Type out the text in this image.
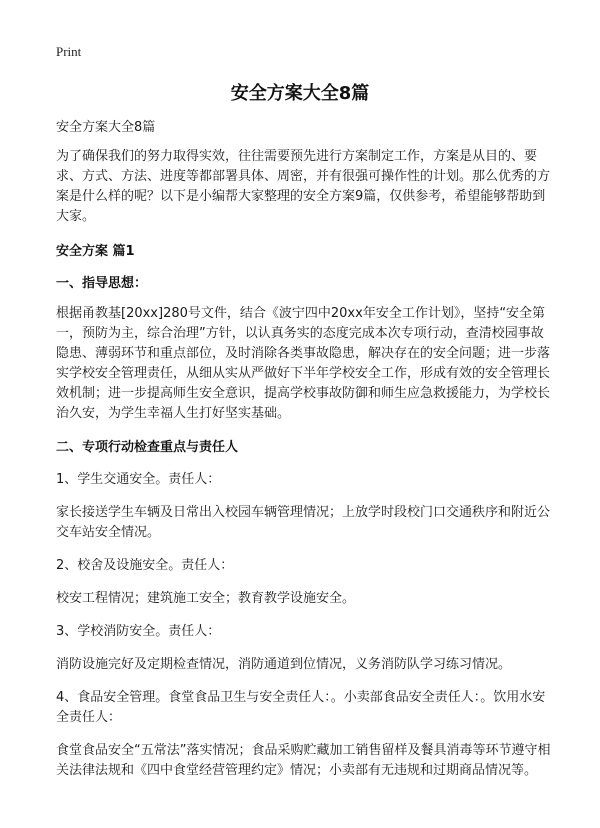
Print
安全方案大全8篇

安全方案大全8篇

为了确保我们的努力取得实效，往往需要预先进行方案制定工作，方案是从目的、要求、方式、方法、进度等都部署具体、周密，并有很强可操作性的计划。那么优秀的方案是什么样的呢？以下是小编帮大家整理的安全方案9篇，仅供参考，希望能够帮助到大家。

安全方案 篇1

一、指导思想：

根据甬教基[20xx]280号文件，结合《波宁四中20xx年安全工作计划》，坚持“安全第一，预防为主，综合治理”方针，以认真务实的态度完成本次专项行动，查清校园事故隐患、薄弱环节和重点部位，及时消除各类事故隐患，解决存在的安全问题；进一步落实学校安全管理责任，从细从实从严做好下半年学校安全工作，形成有效的安全管理长效机制；进一步提高师生安全意识，提高学校事故防御和师生应急救援能力，为学校长治久安，为学生幸福人生打好坚实基础。

二、专项行动检查重点与责任人

1、学生交通安全。责任人：

家长接送学生车辆及日常出入校园车辆管理情况；上放学时段校门口交通秩序和附近公交车站安全情况。

2、校舍及设施安全。责任人：

校安工程情况；建筑施工安全；教育教学设施安全。

3、学校消防安全。责任人：

消防设施完好及定期检查情况，消防通道到位情况，义务消防队学习练习情况。

4、食品安全管理。食堂食品卫生与安全责任人：。小卖部食品安全责任人：。饮用水安全责任人：

食堂食品安全“五常法”落实情况；食品采购贮藏加工销售留样及餐具消毒等环节遵守相关法律法规和《四中食堂经营管理约定》情况；小卖部有无违规和过期商品情况等。
